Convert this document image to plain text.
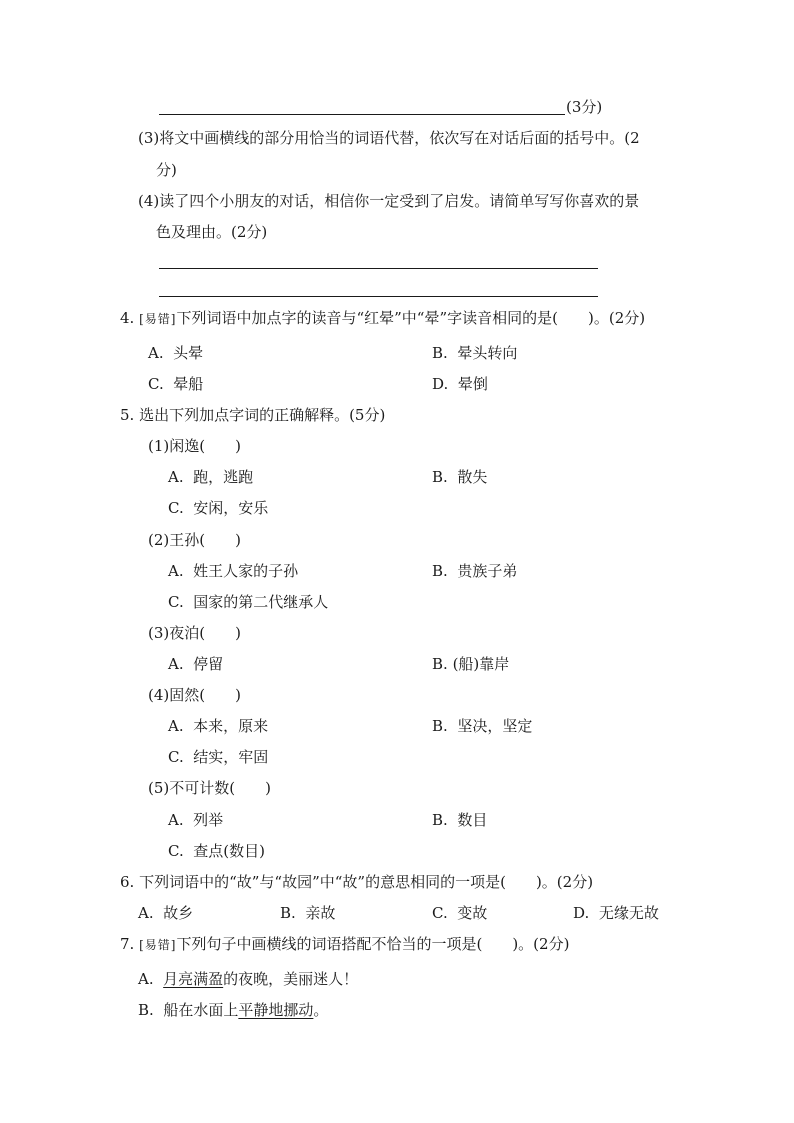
(3分)
(3)将文中画横线的部分用恰当的词语代替，依次写在对话后面的括号中。(2
分)
(4)读了四个小朋友的对话，相信你一定受到了启发。请简单写写你喜欢的景
色及理由。(2分)
4. [易错]下列词语中加点字的读音与“红晕”中“晕”字读音相同的是(　　)。(2分)
A. 头晕	B. 晕头转向
C. 晕船	D. 晕倒
5. 选出下列加点字词的正确解释。(5分)
(1)闲逸(　　)
A. 跑，逃跑	B. 散失
C. 安闲，安乐
(2)王孙(　　)
A. 姓王人家的子孙	B. 贵族子弟
C. 国家的第二代继承人
(3)夜泊(　　)
A. 停留	B. (船)靠岸
(4)固然(　　)
A. 本来，原来	B. 坚决，坚定
C. 结实，牢固
(5)不可计数(　　)
A. 列举	B. 数目
C. 查点(数目)
6. 下列词语中的“故”与“故园”中“故”的意思相同的一项是(　　)。(2分)
A. 故乡	B. 亲故	C. 变故	D. 无缘无故
7. [易错]下列句子中画横线的词语搭配不恰当的一项是(　　)。(2分)
A. 月亮满盈的夜晚，美丽迷人！
B. 船在水面上平静地挪动。
